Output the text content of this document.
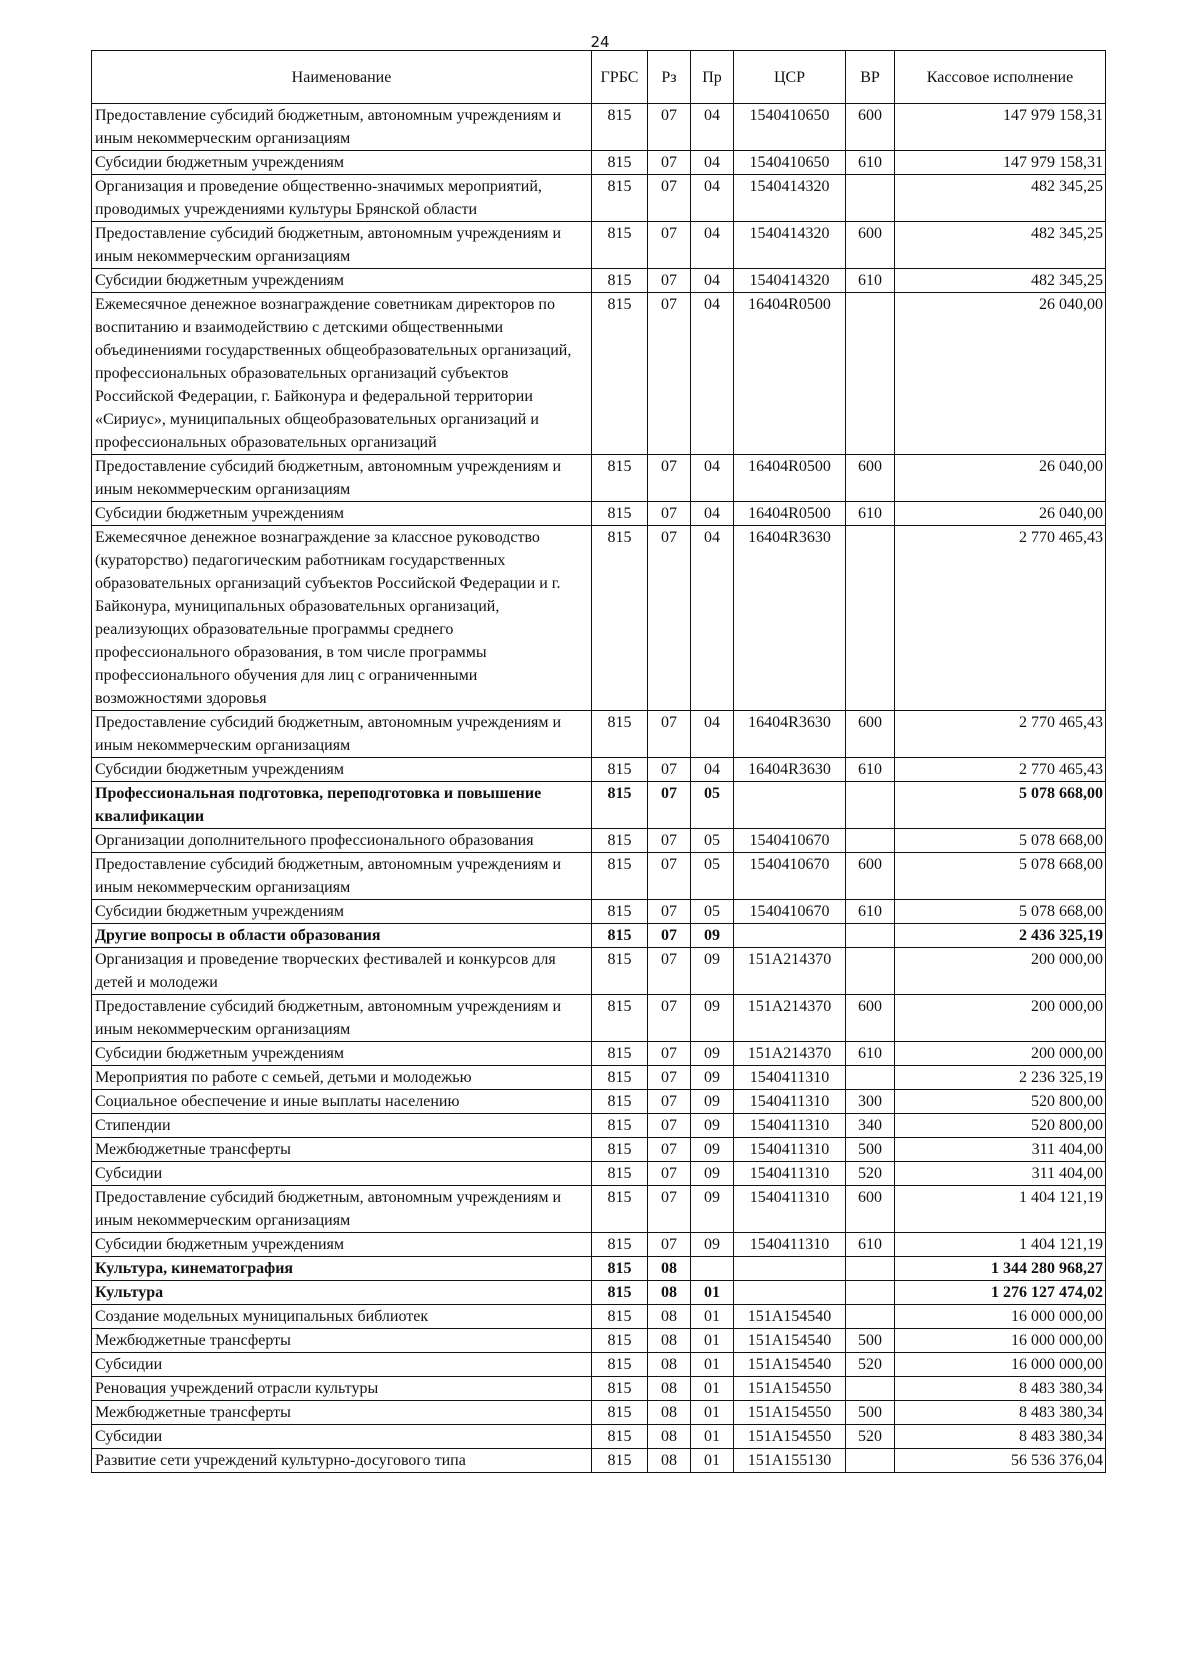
24
Наименование	ГРБС	Рз	Пр	ЦСР	ВР	Кассовое исполнение
Предоставление субсидий бюджетным, автономным учреждениям и иным некоммерческим организациям	815	07	04	1540410650	600	147 979 158,31
Субсидии бюджетным учреждениям	815	07	04	1540410650	610	147 979 158,31
Организация и проведение общественно-значимых мероприятий, проводимых учреждениями культуры Брянской области	815	07	04	1540414320		482 345,25
Предоставление субсидий бюджетным, автономным учреждениям и иным некоммерческим организациям	815	07	04	1540414320	600	482 345,25
Субсидии бюджетным учреждениям	815	07	04	1540414320	610	482 345,25
Ежемесячное денежное вознаграждение советникам директоров по воспитанию и взаимодействию с детскими общественными объединениями государственных общеобразовательных организаций, профессиональных образовательных организаций субъектов Российской Федерации, г. Байконура и федеральной территории «Сириус», муниципальных общеобразовательных организаций и профессиональных образовательных организаций	815	07	04	16404R0500		26 040,00
Предоставление субсидий бюджетным, автономным учреждениям и иным некоммерческим организациям	815	07	04	16404R0500	600	26 040,00
Субсидии бюджетным учреждениям	815	07	04	16404R0500	610	26 040,00
Ежемесячное денежное вознаграждение за классное руководство (кураторство) педагогическим работникам государственных образовательных организаций субъектов Российской Федерации и г. Байконура, муниципальных образовательных организаций, реализующих образовательные программы среднего профессионального образования, в том числе программы профессионального обучения для лиц с ограниченными возможностями здоровья	815	07	04	16404R3630		2 770 465,43
Предоставление субсидий бюджетным, автономным учреждениям и иным некоммерческим организациям	815	07	04	16404R3630	600	2 770 465,43
Субсидии бюджетным учреждениям	815	07	04	16404R3630	610	2 770 465,43
Профессиональная подготовка, переподготовка и повышение квалификации	815	07	05			5 078 668,00
Организации дополнительного профессионального образования	815	07	05	1540410670		5 078 668,00
Предоставление субсидий бюджетным, автономным учреждениям и иным некоммерческим организациям	815	07	05	1540410670	600	5 078 668,00
Субсидии бюджетным учреждениям	815	07	05	1540410670	610	5 078 668,00
Другие вопросы в области образования	815	07	09			2 436 325,19
Организация и проведение творческих фестивалей и конкурсов для детей и молодежи	815	07	09	151A214370		200 000,00
Предоставление субсидий бюджетным, автономным учреждениям и иным некоммерческим организациям	815	07	09	151A214370	600	200 000,00
Субсидии бюджетным учреждениям	815	07	09	151A214370	610	200 000,00
Мероприятия по работе с семьей, детьми и молодежью	815	07	09	1540411310		2 236 325,19
Социальное обеспечение и иные выплаты населению	815	07	09	1540411310	300	520 800,00
Стипендии	815	07	09	1540411310	340	520 800,00
Межбюджетные трансферты	815	07	09	1540411310	500	311 404,00
Субсидии	815	07	09	1540411310	520	311 404,00
Предоставление субсидий бюджетным, автономным учреждениям и иным некоммерческим организациям	815	07	09	1540411310	600	1 404 121,19
Субсидии бюджетным учреждениям	815	07	09	1540411310	610	1 404 121,19
Культура, кинематография	815	08				1 344 280 968,27
Культура	815	08	01			1 276 127 474,02
Создание модельных муниципальных библиотек	815	08	01	151A154540		16 000 000,00
Межбюджетные трансферты	815	08	01	151A154540	500	16 000 000,00
Субсидии	815	08	01	151A154540	520	16 000 000,00
Реновация учреждений отрасли культуры	815	08	01	151A154550		8 483 380,34
Межбюджетные трансферты	815	08	01	151A154550	500	8 483 380,34
Субсидии	815	08	01	151A154550	520	8 483 380,34
Развитие сети учреждений культурно-досугового типа	815	08	01	151A155130		56 536 376,04
